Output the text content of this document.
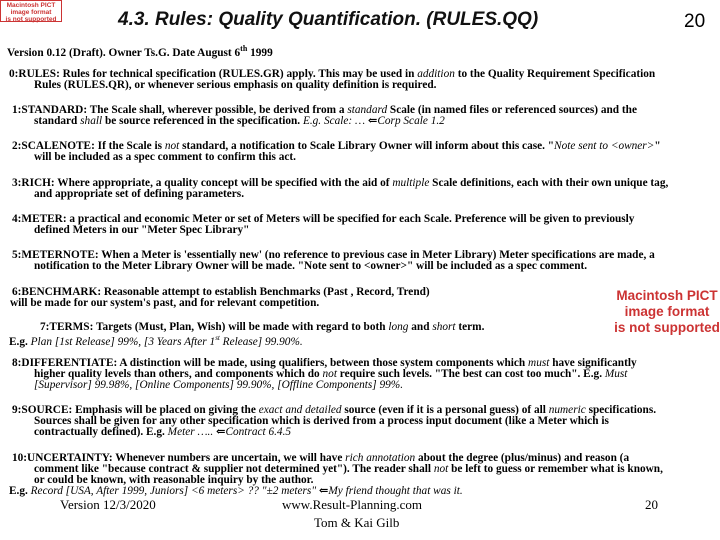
Macintosh PICT
image format
is not supported
Macintosh PICT
image format
is not supported
4.3. Rules: Quality Quantification. (RULES.QQ)	20
Version 0.12 (Draft). Owner Ts.G. Date August 6th 1999
0:RULES: Rules for technical specification (RULES.GR) apply. This may be used in addition to the Quality Requirement Specification
Rules (RULES.QR), or whenever serious emphasis on quality definition is required.
1:STANDARD: The Scale shall, wherever possible, be derived from a standard Scale (in named files or referenced sources) and the
standard shall be source referenced in the specification. E.g. Scale: … ⇐Corp Scale 1.2
2:SCALENOTE: If the Scale is not standard, a notification to Scale Library Owner will inform about this case. "Note sent to <owner>"
will be included as a spec comment to confirm this act.
3:RICH: Where appropriate, a quality concept will be specified with the aid of multiple Scale definitions, each with their own unique tag,
and appropriate set of defining parameters.
4:METER: a practical and economic Meter or set of Meters will be specified for each Scale. Preference will be given to previously
defined Meters in our "Meter Spec Library"
5:METERNOTE: When a Meter is 'essentially new' (no reference to previous case in Meter Library) Meter specifications are made, a
notification to the Meter Library Owner will be made. "Note sent to <owner>" will be included as a spec comment.
6:BENCHMARK: Reasonable attempt to establish Benchmarks (Past , Record, Trend)
will be made for our system's past, and for relevant competition.
7:TERMS: Targets (Must, Plan, Wish) will be made with regard to both long and short term.
E.g. Plan [1st Release] 99%, [3 Years After 1st Release] 99.90%.
8:DIFFERENTIATE: A distinction will be made, using qualifiers, between those system components which must have significantly
higher quality levels than others, and components which do not require such levels. "The best can cost too much". E.g. Must
[Supervisor] 99.98%, [Online Components] 99.90%, [Offline Components] 99%.
9:SOURCE: Emphasis will be placed on giving the exact and detailed source (even if it is a personal guess) of all numeric specifications.
Sources shall be given for any other specification which is derived from a process input document (like a Meter which is
contractually defined). E.g. Meter ….. ⇐Contract 6.4.5
10:UNCERTAINTY: Whenever numbers are uncertain, we will have rich annotation about the degree (plus/minus) and reason (a
comment like "because contract & supplier not determined yet"). The reader shall not be left to guess or remember what is known,
or could be known, with reasonable inquiry by the author.
E.g. Record [USA, After 1999, Juniors] <6 meters> ?? "±2 meters" ⇐My friend thought that was it.
Version 12/3/2020	www.Result-Planning.com
Tom & Kai Gilb
20
